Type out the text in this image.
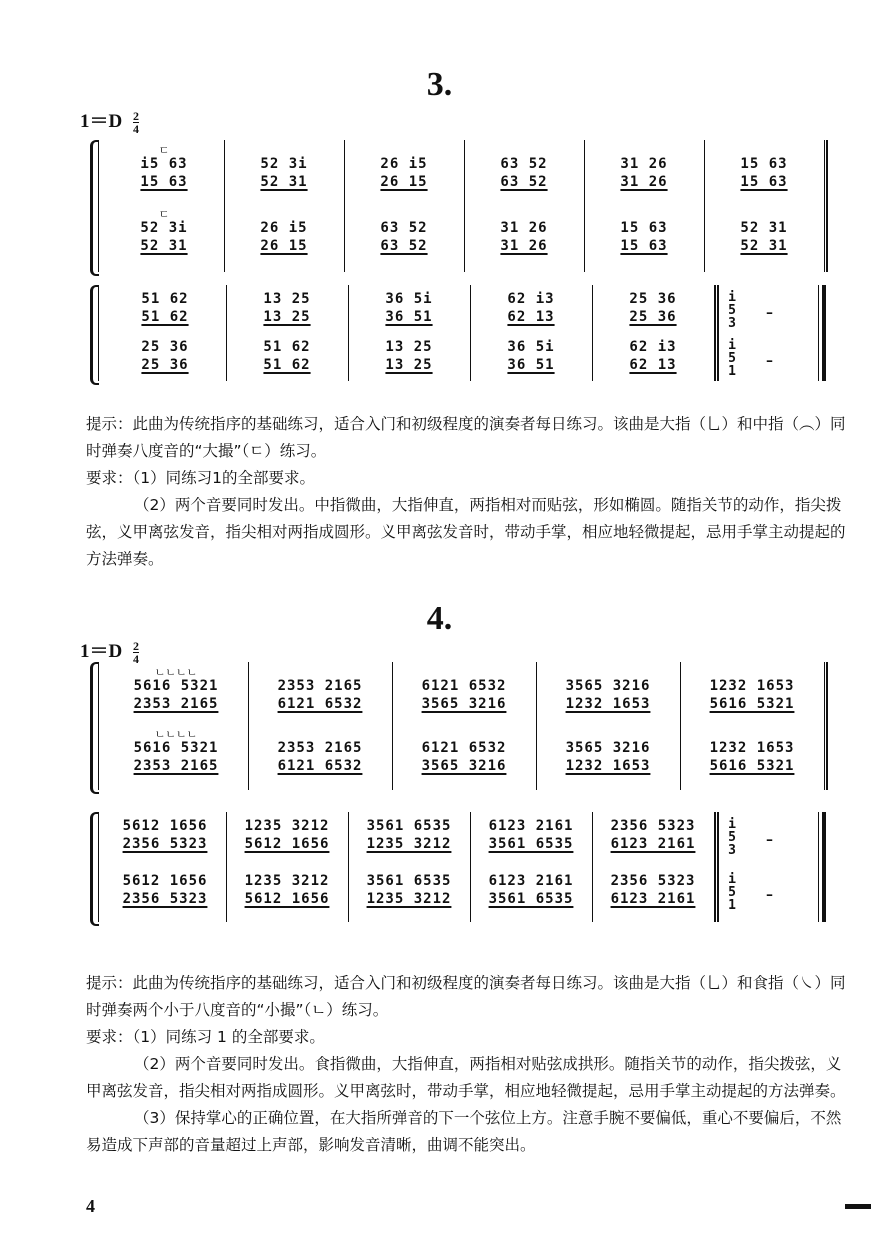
3.
$1=D \frac{2}{4}$
i5 63
15 63
52 3i
52 31
ㄷ
ㄷ
52 3i
52 31
26 i5
26 15
26 i5
26 15
63 52
63 52
63 52
63 52
31 26
31 26
31 26
31 26
15 63
15 63
15 63
15 63
52 31
52 31
51 62
51 62
25 36
25 36
13 25
13 25
51 62
51 62
36 5i
36 51
13 25
13 25
62 i3
62 13
36 5i
36 51
25 36
25 36
62 i3
62 13
i
5
3
i
5
1
–
–

提示：此曲为传统指序的基础练习，适合入门和初级程度的演奏者每日练习。该曲是大指（乚）和中指（︵）同时弹奏八度音的“大撮”（ㄷ）练习。

要求：（1）同练习1的全部要求。

（2）两个音要同时发出。中指微曲，大指伸直，两指相对而贴弦，形如椭圆。随指关节的动作，指尖拨弦，义甲离弦发音，指尖相对两指成圆形。义甲离弦发音时，带动手掌，相应地轻微提起，忌用手掌主动提起的方法弹奏。

4.
$1=D \frac{2}{4}$
5616 5321
2353 2165
5616 5321
2353 2165
ㄴㄴㄴㄴ
ㄴㄴㄴㄴ
2353 2165
6121 6532
2353 2165
6121 6532
6121 6532
3565 3216
6121 6532
3565 3216
3565 3216
1232 1653
3565 3216
1232 1653
1232 1653
5616 5321
1232 1653
5616 5321
5612 1656
2356 5323
5612 1656
2356 5323
1235 3212
5612 1656
1235 3212
5612 1656
3561 6535
1235 3212
3561 6535
1235 3212
6123 2161
3561 6535
6123 2161
3561 6535
2356 5323
6123 2161
2356 5323
6123 2161
i
5
3
i
5
1
–
–

提示：此曲为传统指序的基础练习，适合入门和初级程度的演奏者每日练习。该曲是大指（乚）和食指（㇏）同时弹奏两个小于八度音的“小撮”（ㄴ）练习。

要求：（1）同练习 1 的全部要求。

（2）两个音要同时发出。食指微曲，大指伸直，两指相对贴弦成拱形。随指关节的动作，指尖拨弦，义甲离弦发音，指尖相对两指成圆形。义甲离弦时，带动手掌，相应地轻微提起，忌用手掌主动提起的方法弹奏。

（3）保持掌心的正确位置，在大指所弹音的下一个弦位上方。注意手腕不要偏低，重心不要偏后，不然易造成下声部的音量超过上声部，影响发音清晰，曲调不能突出。

4
